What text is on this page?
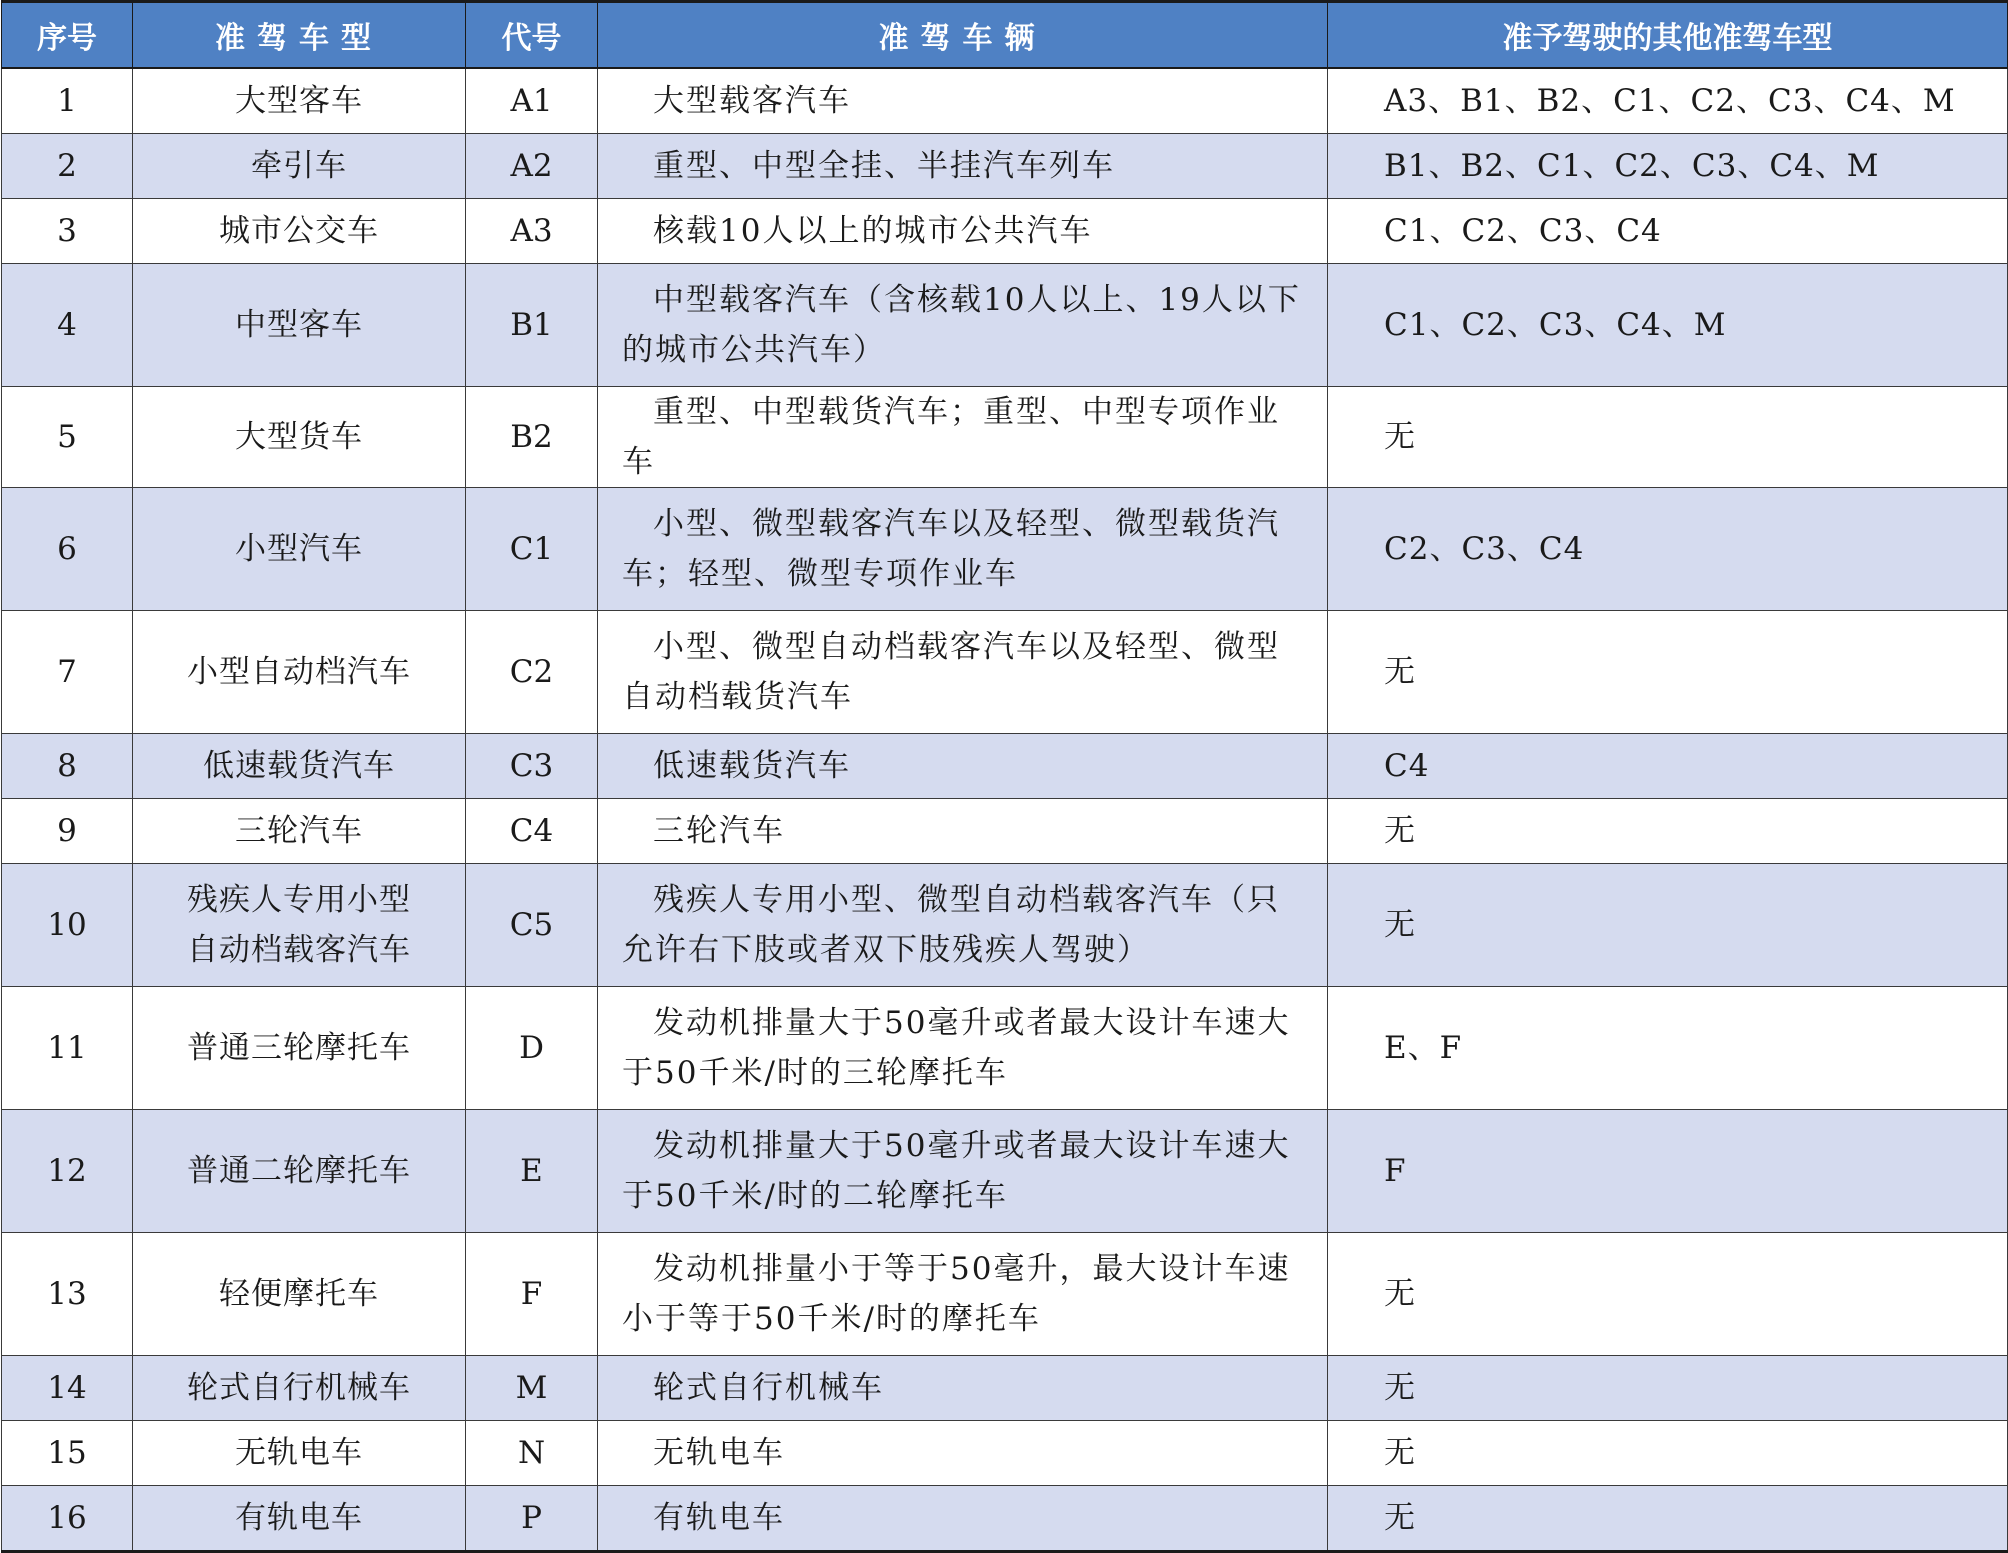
序号	准驾车型	代号	准驾车辆	准予驾驶的其他准驾车型
1	大型客车	A1	大型载客汽车	A3、B1、B2、C1、C2、C3、C4、M
2	牵引车	A2	重型、中型全挂、半挂汽车列车	B1、B2、C1、C2、C3、C4、M
3	城市公交车	A3	核载10人以上的城市公共汽车	C1、C2、C3、C4
4	中型客车	B1	中型载客汽车（含核载10人以上、19人以下的城市公共汽车）	C1、C2、C3、C4、M
5	大型货车	B2	重型、中型载货汽车；重型、中型专项作业车	无
6	小型汽车	C1	小型、微型载客汽车以及轻型、微型载货汽车；轻型、微型专项作业车	C2、C3、C4
7	小型自动档汽车	C2	小型、微型自动档载客汽车以及轻型、微型自动档载货汽车	无
8	低速载货汽车	C3	低速载货汽车	C4
9	三轮汽车	C4	三轮汽车	无
10	残疾人专用小型自动档载客汽车	C5	残疾人专用小型、微型自动档载客汽车（只允许右下肢或者双下肢残疾人驾驶）	无
11	普通三轮摩托车	D	发动机排量大于50毫升或者最大设计车速大于50千米/时的三轮摩托车	E、F
12	普通二轮摩托车	E	发动机排量大于50毫升或者最大设计车速大于50千米/时的二轮摩托车	F
13	轻便摩托车	F	发动机排量小于等于50毫升，最大设计车速小于等于50千米/时的摩托车	无
14	轮式自行机械车	M	轮式自行机械车	无
15	无轨电车	N	无轨电车	无
16	有轨电车	P	有轨电车	无
